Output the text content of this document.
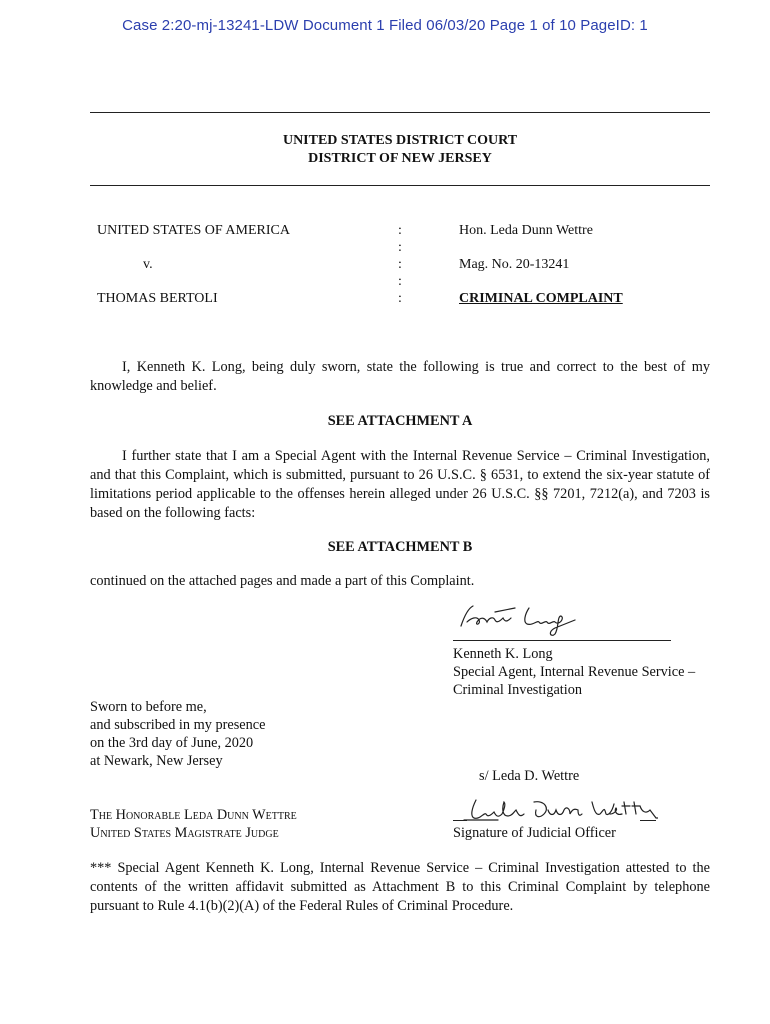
Case 2:20-mj-13241-LDW Document 1 Filed 06/03/20 Page 1 of 10 PageID: 1
UNITED STATES DISTRICT COURT
DISTRICT OF NEW JERSEY
UNITED STATES OF AMERICA
v.
THOMAS BERTOLI
:
:
:
:
:
Hon. Leda Dunn Wettre
Mag. No. 20-13241
CRIMINAL COMPLAINT
I, Kenneth K. Long, being duly sworn, state the following is true and correct to the best of my knowledge and belief.
SEE ATTACHMENT A
I further state that I am a Special Agent with the Internal Revenue Service – Criminal Investigation, and that this Complaint, which is submitted, pursuant to 26 U.S.C. § 6531, to extend the six-year statute of limitations period applicable to the offenses herein alleged under 26 U.S.C. §§ 7201, 7212(a), and 7203 is based on the following facts:
SEE ATTACHMENT B
continued on the attached pages and made a part of this Complaint.
Kenneth K. Long
Special Agent, Internal Revenue Service –
Criminal Investigation
Sworn to before me,
and subscribed in my presence
on the 3rd day of June, 2020
at Newark, New Jersey
s/ Leda D. Wettre
The Honorable Leda Dunn Wettre
United States Magistrate Judge	Signature of Judicial Officer
*** Special Agent Kenneth K. Long, Internal Revenue Service – Criminal Investigation attested to the contents of the written affidavit submitted as Attachment B to this Criminal Complaint by telephone pursuant to Rule 4.1(b)(2)(A) of the Federal Rules of Criminal Procedure.
